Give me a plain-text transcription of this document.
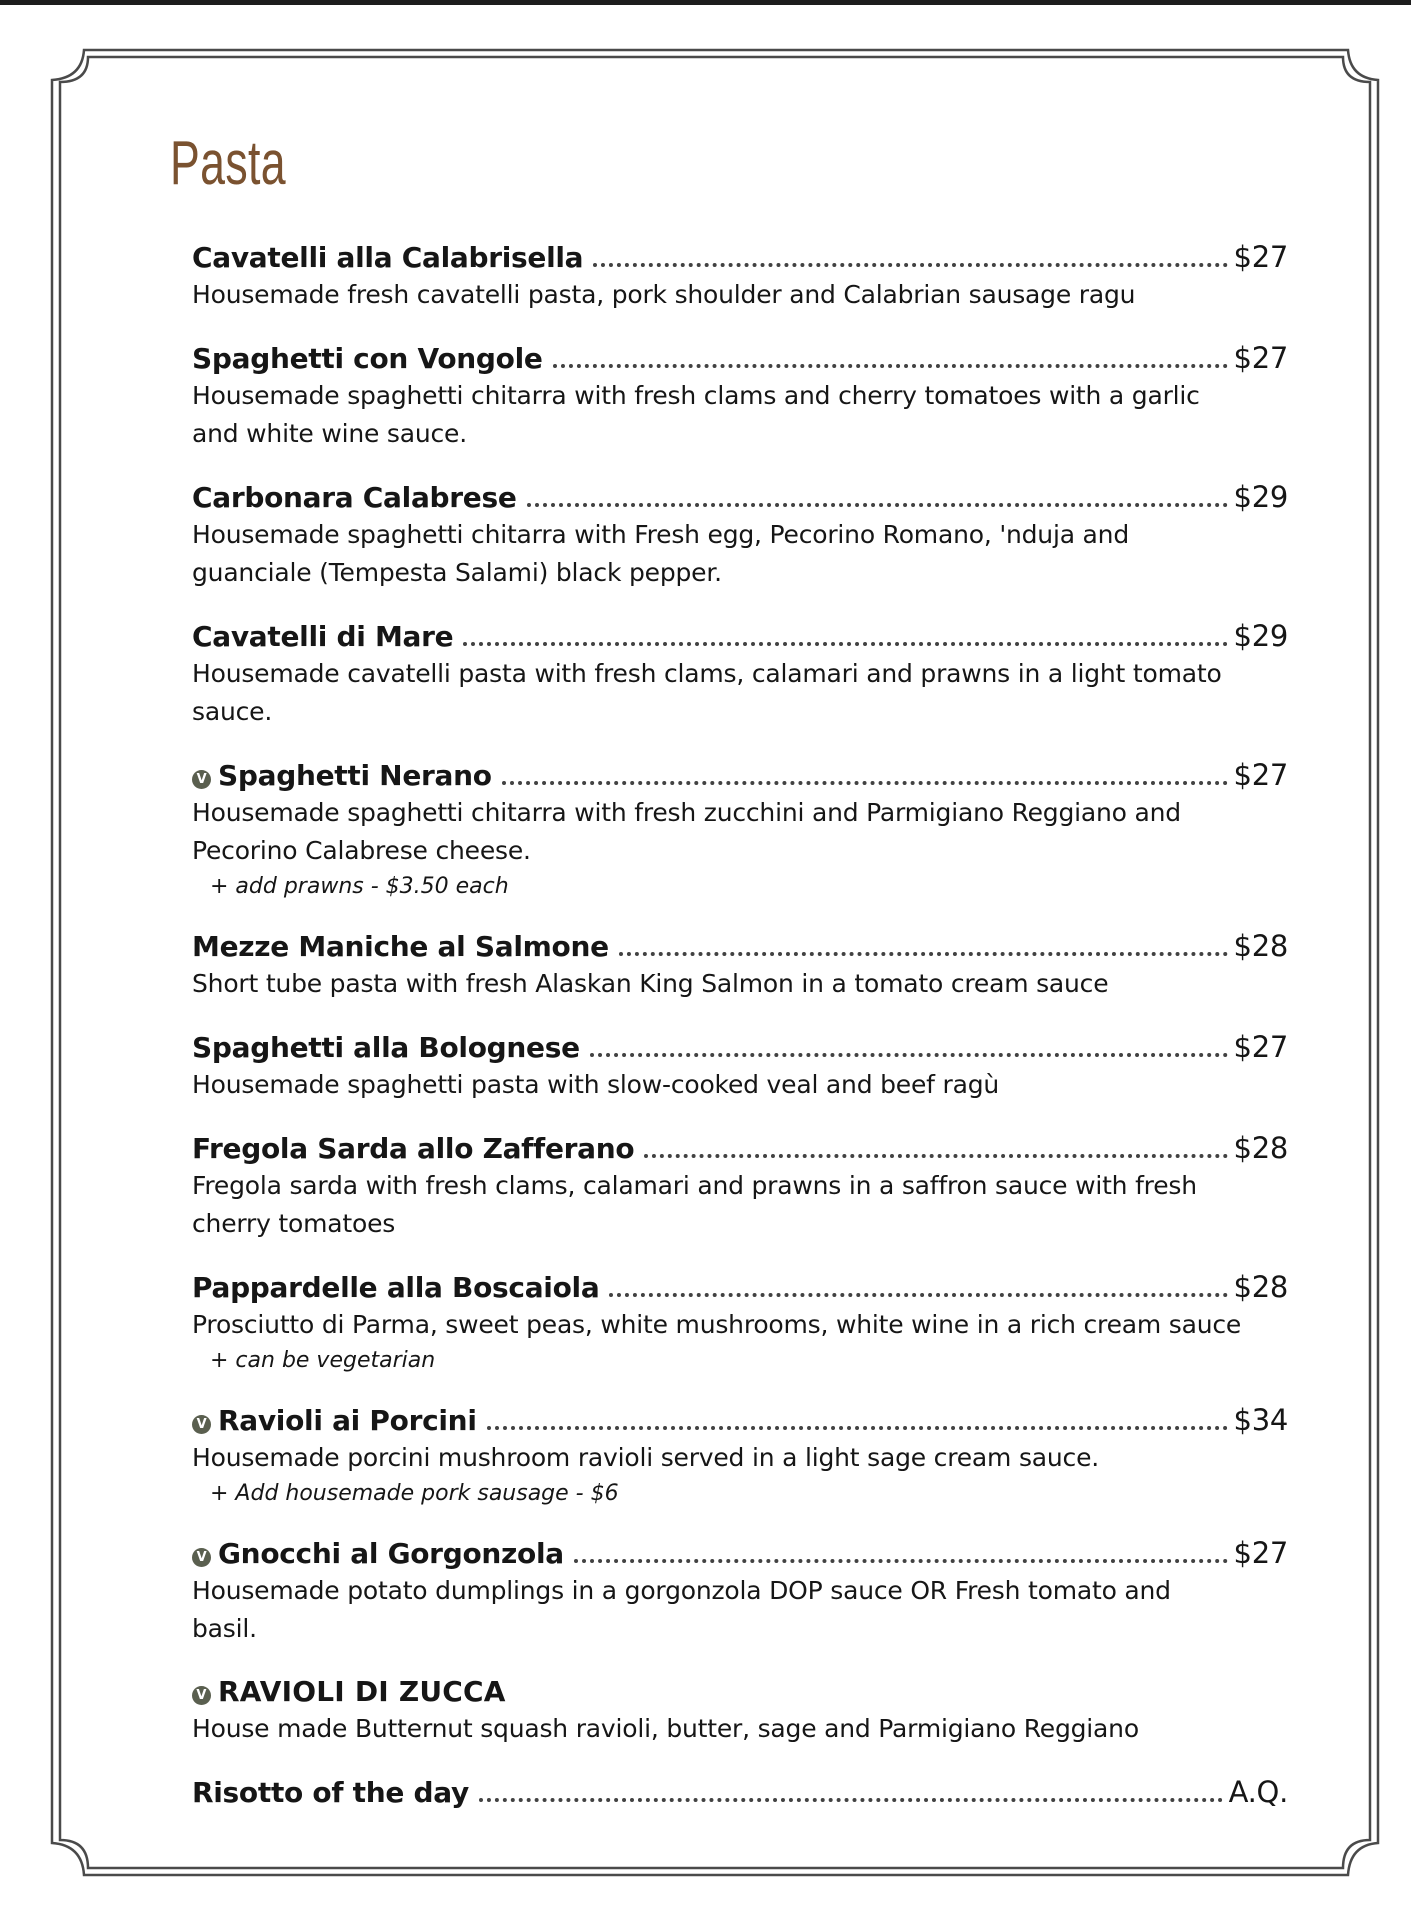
Pasta
Cavatelli alla Calabrisella	$27
Housemade fresh cavatelli pasta, pork shoulder and Calabrian sausage ragu
Spaghetti con Vongole	$27
Housemade spaghetti chitarra with fresh clams and cherry tomatoes with a garlic and white wine sauce.
Carbonara Calabrese	$29
Housemade spaghetti chitarra with Fresh egg, Pecorino Romano, 'nduja and guanciale (Tempesta Salami) black pepper.
Cavatelli di Mare	$29
Housemade cavatelli pasta with fresh clams, calamari and prawns in a light tomato sauce.
V Spaghetti Nerano	$27
Housemade spaghetti chitarra with fresh zucchini and Parmigiano Reggiano and Pecorino Calabrese cheese.
+ add prawns - $3.50 each
Mezze Maniche al Salmone	$28
Short tube pasta with fresh Alaskan King Salmon in a tomato cream sauce
Spaghetti alla Bolognese	$27
Housemade spaghetti pasta with slow-cooked veal and beef ragù
Fregola Sarda allo Zafferano	$28
Fregola sarda with fresh clams, calamari and prawns in a saffron sauce with fresh cherry tomatoes
Pappardelle alla Boscaiola	$28
Prosciutto di Parma, sweet peas, white mushrooms, white wine in a rich cream sauce
+ can be vegetarian
V Ravioli ai Porcini	$34
Housemade porcini mushroom ravioli served in a light sage cream sauce.
+ Add housemade pork sausage - $6
V Gnocchi al Gorgonzola	$27
Housemade potato dumplings in a gorgonzola DOP sauce OR Fresh tomato and basil.
V RAVIOLI DI ZUCCA
House made Butternut squash ravioli, butter, sage and Parmigiano Reggiano
Risotto of the day	A.Q.
